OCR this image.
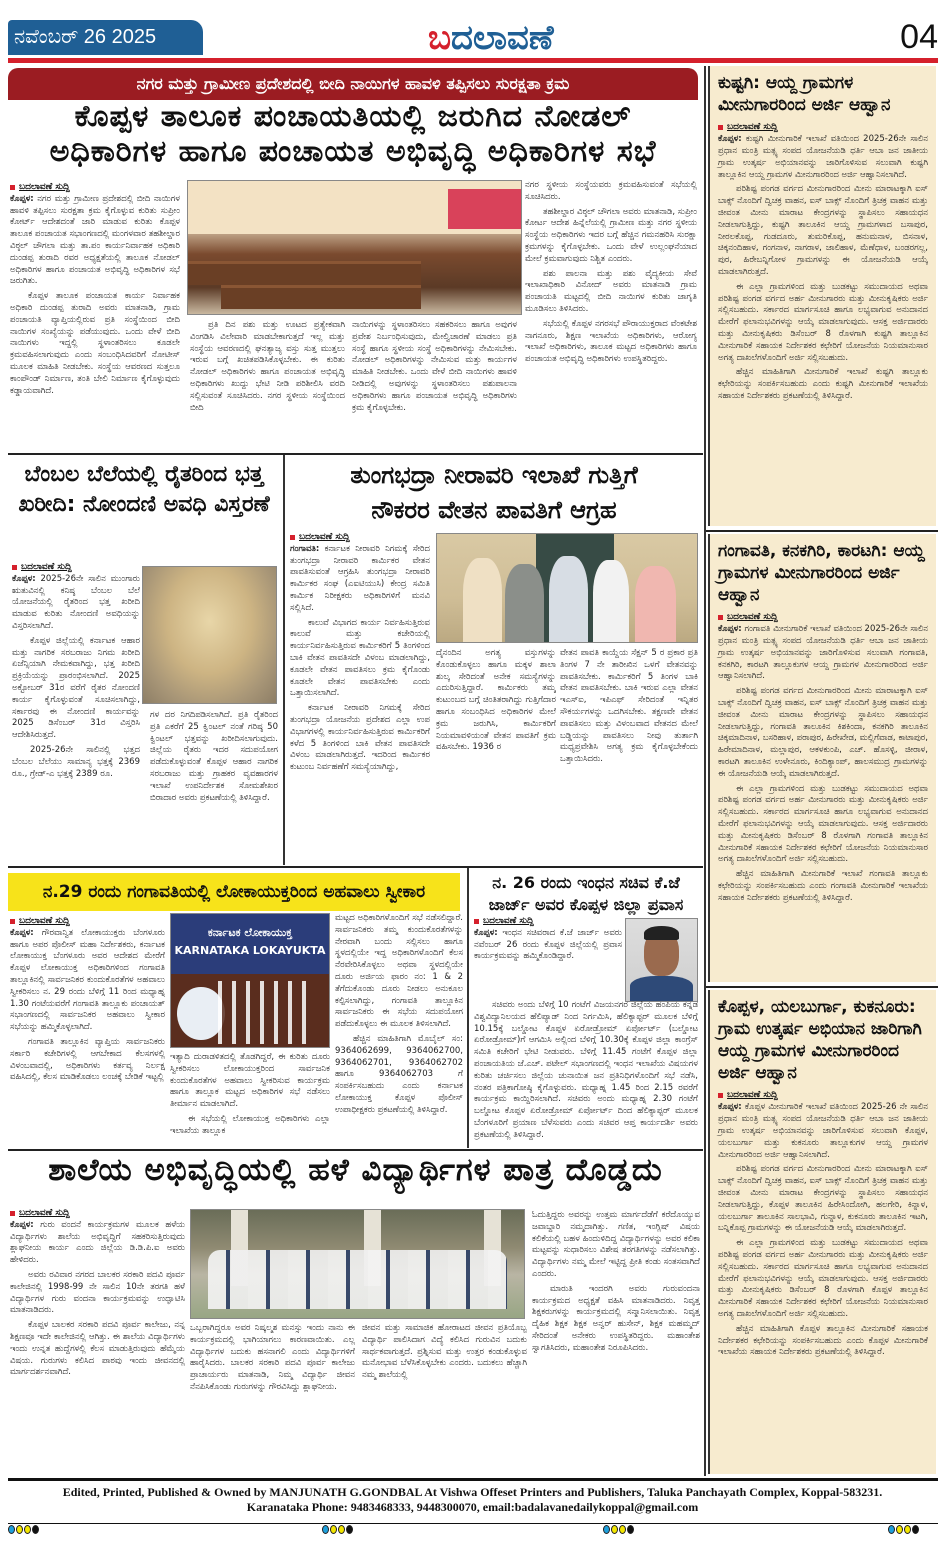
ನವೆಂಬರ್ 26 2025	ಬದಲಾವಣೆ	04
ನಗರ ಮತ್ತು ಗ್ರಾಮೀಣ ಪ್ರದೇಶದಲ್ಲಿ ಬೀದಿ ನಾಯಿಗಳ ಹಾವಳಿ ತಪ್ಪಿಸಲು ಸುರಕ್ಷತಾ ಕ್ರಮ
ಕೊಪ್ಪಳ ತಾಲೂಕ ಪಂಚಾಯತಿಯಲ್ಲಿ ಜರುಗಿದ ನೋಡಲ್
ಅಧಿಕಾರಿಗಳ ಹಾಗೂ ಪಂಚಾಯತ ಅಭಿವೃದ್ಧಿ ಅಧಿಕಾರಿಗಳ ಸಭೆ
ಬದಲಾವಣೆ ಸುದ್ದಿ

ಕೊಪ್ಪಳ: ನಗರ ಮತ್ತು ಗ್ರಾಮೀಣ ಪ್ರದೇಶದಲ್ಲಿ ಬೀದಿ ನಾಯಿಗಳ ಹಾವಳಿ ತಪ್ಪಿಸಲು ಸುರಕ್ಷತಾ ಕ್ರಮ ಕೈಗೊಳ್ಳುವ ಕುರಿತು ಸುಪ್ರೀಂ ಕೋರ್ಟ್ ಆದೇಶದಂತೆ ಜಾರಿ ಮಾಡುವ ಕುರಿತು ಕೊಪ್ಪಳ ತಾಲೂಕ ಪಂಚಾಯತ ಸಭಾಂಗಣದಲ್ಲಿ ಮಂಗಳವಾರ ತಹಶೀಲ್ದಾರ ವಿಠ್ಠಲ್ ಚೌಗಲಾ ಮತ್ತು ತಾ.ಪಂ ಕಾರ್ಯನಿರ್ವಾಹಕ ಅಧಿಕಾರಿ ದುಂಡಪ್ಪ ತುರಾದಿ ರವರ ಅಧ್ಯಕ್ಷತೆಯಲ್ಲಿ ತಾಲೂಕ ನೋಡಲ್ ಅಧಿಕಾರಿಗಳ ಹಾಗೂ ಪಂಚಾಯತ ಅಭಿವೃದ್ಧಿ ಅಧಿಕಾರಿಗಳ ಸಭೆ ಜರುಗಿತು.

ಕೊಪ್ಪಳ ತಾಲೂಕ ಪಂಚಾಯತ ಕಾರ್ಯ ನಿರ್ವಾಹಕ ಅಧಿಕಾರಿ ದುಂಡಪ್ಪ ತುರಾದಿ ಅವರು ಮಾತನಾಡಿ, ಗ್ರಾಮ ಪಂಚಾಯತಿ ವ್ಯಾಪ್ತಿಯಲ್ಲಿರುವ ಪ್ರತಿ ಸಂಸ್ಥೆಯಿಂದ ಬೀದಿ ನಾಯಿಗಳ ಸಂಖ್ಯೆಯನ್ನು ಪಡೆಯುವುದು. ಒಂದು ವೇಳೆ ಬೀದಿ ನಾಯಿಗಳು ಇದ್ದಲ್ಲಿ ಸ್ಥಳಾಂತರಿಸಲು ಕೂಡಲೇ ಕ್ರಮವಹಿಸಲಾಗುವುದು ಎಂದು ಸಂಬಂಧಿಸಿದವರಿಗೆ ನೋಟೀಸ್ ಮೂಲಕ ಮಾಹಿತಿ ನೀಡಬೇಕು. ಸಂಸ್ಥೆಯ ಆವರಣದ ಸುತ್ತಲೂ ಕಾಂಪೌಂಡ್ ನಿರ್ಮಾಣ, ತಂತಿ ಬೇಲಿ ನಿರ್ಮಾಣ ಕೈಗೊಳ್ಳುವುದು ಕಡ್ಡಾಯವಾಗಿದೆ.

ಪ್ರತಿ ದಿನ ಪಶು ಮತ್ತು ಊಟದ ಪ್ರತ್ಯೇಕವಾಗಿ ವಿಂಗಡಿಸಿ ವಿಲೇವಾರಿ ಮಾಡಬೇಕಾಗುತ್ತದೆ ಇಲ್ಲ ಮತ್ತು ಸಂಸ್ಥೆಯ ಆವರಣದಲ್ಲಿ ಘನತ್ಯಾಜ್ಯ ವಸ್ತು ಸುತ್ತ ಮುತ್ತಲು ಇರುವ ಬಗ್ಗೆ ಖಚಿತಪಡಿಸಿಕೊಳ್ಳಬೇಕು. ಈ ಕುರಿತು ನೋಡಲ್ ಅಧಿಕಾರಿಗಳು ಹಾಗೂ ಪಂಚಾಯತ ಅಭಿವೃದ್ಧಿ ಅಧಿಕಾರಿಗಳು ಖುದ್ದು ಭೇಟಿ ನೀಡಿ ಪರಿಶೀಲಿಸಿ ವರದಿ ಸಲ್ಲಿಸುವಂತೆ ಸೂಚಿಸಿದರು. ನಗರ ಸ್ಥಳೀಯ ಸಂಸ್ಥೆಯಿಂದ ಬೀದಿ

ನಾಯಿಗಳನ್ನು ಸ್ಥಳಾಂತರಿಸಲು ಸಹಕರಿಸಲು ಹಾಗೂ ಅವುಗಳ ಪ್ರವೇಶ ನಿರ್ಬಂಧಿಸುವುದು, ಮೇಲ್ವಿಚಾರಣೆ ಮಾಡಲು ಪ್ರತಿ ಸಂಸ್ಥೆ ಹಾಗೂ ಸ್ಥಳೀಯ ಸಂಸ್ಥೆ ಅಧಿಕಾರಿಗಳನ್ನು ನೇಮಿಸಬೇಕು. ನೋಡಲ್ ಅಧಿಕಾರಿಗಳನ್ನು ನೇಮಿಸುವ ಮತ್ತು ಕಾರ್ಯಗಳ ಮಾಹಿತಿ ನೀಡಬೇಕು. ಒಂದು ವೇಳೆ ಬೀದಿ ನಾಯಿಗಳು ಹಾವಳಿ ನೀಡಿದಲ್ಲಿ ಅವುಗಳನ್ನು ಸ್ಥಳಾಂತರಿಸಲು ಪಶುಪಾಲನಾ ಅಧಿಕಾರಿಗಳು ಹಾಗೂ ಪಂಚಾಯತ ಅಭಿವೃದ್ಧಿ ಅಧಿಕಾರಿಗಳು ಕ್ರಮ ಕೈಗೊಳ್ಳಬೇಕು.

ನಗರ ಸ್ಥಳೀಯ ಸಂಸ್ಥೆಯವರು ಕ್ರಮವಹಿಸುವಂತೆ ಸಭೆಯಲ್ಲಿ ಸೂಚಿಸಿದರು.

ತಹಶೀಲ್ದಾರ ವಿಠ್ಠಲ್ ಚೌಗಲಾ ಅವರು ಮಾತನಾಡಿ, ಸುಪ್ರೀಂ ಕೋರ್ಟ ಆದೇಶ ಹಿನ್ನೆಲೆಯಲ್ಲಿ ಗ್ರಾಮೀಣ ಮತ್ತು ನಗರ ಸ್ಥಳೀಯ ಸಂಸ್ಥೆಯ ಅಧಿಕಾರಿಗಳು ಇದರ ಬಗ್ಗೆ ಹೆಚ್ಚಿನ ಗಮನಹರಿಸಿ ಸುರಕ್ಷಾ ಕ್ರಮಗಳನ್ನು ಕೈಗೊಳ್ಳಬೇಕು. ಒಂದು ವೇಳೆ ಉಲ್ಲಂಘನೆಯಾದ ಮೇಲೆ ಕ್ರಮವಾಗುವುದು ನಿಶ್ಚಿತ ಎಂದರು.

ಪಶು ಪಾಲನಾ ಮತ್ತು ಪಶು ವೈದ್ಯಕೀಯ ಸೇವೆ ಇಲಾಖಾಧಿಕಾರಿ ವಿನೋದ್ ಅವರು ಮಾತನಾಡಿ ಗ್ರಾಮ ಪಂಚಾಯತಿ ಮಟ್ಟದಲ್ಲಿ ಬೀದಿ ನಾಯಿಗಳ ಕುರಿತು ಜಾಗೃತಿ ಮೂಡಿಸಲು ತಿಳಿಸಿದರು.

ಸಭೆಯಲ್ಲಿ ಕೊಪ್ಪಳ ನಗರಸಭೆ ಪೌರಾಯುಕ್ತರಾದ ವೆಂಕಟೇಶ ನಾಗನೂರು, ಶಿಕ್ಷಣ ಇಲಾಖೆಯ ಅಧಿಕಾರಿಗಳು, ಆರೋಗ್ಯ ಇಲಾಖೆ ಅಧಿಕಾರಿಗಳು, ತಾಲೂಕ ಮಟ್ಟದ ಅಧಿಕಾರಿಗಳು ಹಾಗೂ ಪಂಚಾಯತ ಅಭಿವೃದ್ಧಿ ಅಧಿಕಾರಿಗಳು ಉಪಸ್ಥಿತರಿದ್ದರು.

ಬೆಂಬಲ ಬೆಲೆಯಲ್ಲಿ ರೈತರಿಂದ ಭತ್ತ ಖರೀದಿ: ನೋಂದಣಿ ಅವಧಿ ವಿಸ್ತರಣೆ
ಬದಲಾವಣೆ ಸುದ್ದಿ

ಕೊಪ್ಪಳ: 2025-26ನೇ ಸಾಲಿನ ಮುಂಗಾರು ಋತುವಿನಲ್ಲಿ ಕನಿಷ್ಠ ಬೆಂಬಲ ಬೆಲೆ ಯೋಜನೆಯಲ್ಲಿ ರೈತರಿಂದ ಭತ್ತ ಖರೀದಿ ಮಾಡುವ ಕುರಿತು ನೋಂದಣಿ ಅವಧಿಯನ್ನು ವಿಸ್ತರಿಸಲಾಗಿದೆ.

ಕೊಪ್ಪಳ ಜಿಲ್ಲೆಯಲ್ಲಿ ಕರ್ನಾಟಕ ಆಹಾರ ಮತ್ತು ನಾಗರಿಕ ಸರಬರಾಜು ನಿಗಮ ಖರೀದಿ ಏಜೆನ್ಸಿಯಾಗಿ ನೇಮಕವಾಗಿದ್ದು, ಭತ್ತ ಖರೀದಿ ಪ್ರಕ್ರಿಯೆಯನ್ನು ಪ್ರಾರಂಭಿಸಲಾಗಿದೆ. 2025 ಅಕ್ಟೋಬರ್ 31ರ ವರೆಗೆ ರೈತರ ನೋಂದಣಿ ಕಾರ್ಯ ಕೈಗೊಳ್ಳುವಂತೆ ಸೂಚಿಸಲಾಗಿದ್ದು, ಸರ್ಕಾರವು ಈ ನೋಂದಣಿ ಕಾರ್ಯವನ್ನು 2025 ಡಿಸೆಂಬರ್ 31ರ ವಿಸ್ತರಿಸಿ ಆದೇಶಿಸಿರುತ್ತದೆ.

2025-26ನೇ ಸಾಲಿನಲ್ಲಿ ಭತ್ತದ ಬೆಂಬಲ ಬೆಲೆಯು ಸಾಮಾನ್ಯ ಭತ್ತಕ್ಕೆ 2369 ರೂ., ಗ್ರೇಡ್-ಎ ಭತ್ತಕ್ಕೆ 2389 ರೂ.

ಗಳ ದರ ನಿಗದಿಪಡಿಸಲಾಗಿದೆ. ಪ್ರತಿ ರೈತರಿಂದ ಪ್ರತಿ ಎಕರೆಗೆ 25 ಕ್ವಿಂಟಲ್ ನಂತೆ ಗರಿಷ್ಠ 50 ಕ್ವಿಂಟಲ್ ಭತ್ತವನ್ನು ಖರೀದಿಸಲಾಗುವುದು. ಜಿಲ್ಲೆಯ ರೈತರು ಇದರ ಸದುಪಯೋಗ ಪಡೆದುಕೊಳ್ಳುವಂತೆ ಕೊಪ್ಪಳ ಆಹಾರ ನಾಗರಿಕ ಸರಬರಾಜು ಮತ್ತು ಗ್ರಾಹಕರ ವ್ಯವಹಾರಗಳ ಇಲಾಖೆ ಉಪನಿರ್ದೇಶಕ ಸೋಮಶೇಖರ ಬಿರಾದಾರ ಅವರು ಪ್ರಕಟಣೆಯಲ್ಲಿ ತಿಳಿಸಿದ್ದಾರೆ.

ತುಂಗಭದ್ರಾ ನೀರಾವರಿ ಇಲಾಖೆ ಗುತ್ತಿಗೆ
ನೌಕರರ ವೇತನ ಪಾವತಿಗೆ ಆಗ್ರಹ
ಬದಲಾವಣೆ ಸುದ್ದಿ

ಗಂಗಾವತಿ: ಕರ್ನಾಟಕ ನೀರಾವರಿ ನಿಗಮಕ್ಕೆ ಸೇರಿದ ತುಂಗಭದ್ರಾ ನೀರಾವರಿ ಕಾರ್ಮಿಕರ ವೇತನ ಪಾವತಿಸುವಂತೆ ಆಗ್ರಹಿಸಿ ತುಂಗಭದ್ರಾ ನೀರಾವರಿ ಕಾರ್ಮಿಕರ ಸಂಘ (ಎಐಟಿಯುಸಿ) ಕೇಂದ್ರ ಸಮಿತಿ ಕಾರ್ಮಿಕ ನಿರೀಕ್ಷಕರು ಅಧಿಕಾರಿಗಳಿಗೆ ಮನವಿ ಸಲ್ಲಿಸಿದೆ.

ಕಾಲುವೆ ವಿಭಾಗದ ಕಾರ್ಯ ನಿರ್ವಹಿಸುತ್ತಿರುವ ಕಾಲುವೆ ಮತ್ತು ಕಚೇರಿಯಲ್ಲಿ ಕಾರ್ಯನಿರ್ವಹಿಸುತ್ತಿರುವ ಕಾರ್ಮಿಕರಿಗೆ 5 ತಿಂಗಳಿಂದ ಬಾಕಿ ವೇತನ ಪಾವತಿಸದೇ ವಿಳಂಬ ಮಾಡಲಾಗಿದ್ದು, ಕೂಡಲೇ ವೇತನ ಪಾವತಿಸಲು ಕ್ರಮ ಕೈಗೊಂಡು ಕೂಡಲೇ ವೇತನ ಪಾವತಿಸಬೇಕು ಎಂದು ಒತ್ತಾಯಿಸಲಾಗಿದೆ.

ಕರ್ನಾಟಕ ನೀರಾವರಿ ನಿಗಮಕ್ಕೆ ಸೇರಿದ ತುಂಗಭದ್ರಾ ಯೋಜನೆಯ ಪ್ರದೇಶದ ಎಲ್ಲಾ ಉಪ ವಿಭಾಗಗಳಲ್ಲಿ ಕಾರ್ಯನಿರ್ವಹಿಸುತ್ತಿರುವ ಕಾರ್ಮಿಕರಿಗೆ ಕಳೆದ 5 ತಿಂಗಳಿಂದ ಬಾಕಿ ವೇತನ ಪಾವತಿಸದೇ ವಿಳಂಬ ಮಾಡಲಾಗಿರುತ್ತದೆ. ಇದರಿಂದ ಕಾರ್ಮಿಕರ ಕುಟುಂಬ ನಿರ್ವಹಣೆಗೆ ಸಮಸ್ಯೆಯಾಗಿದ್ದು,

ದೈನಂದಿನ ಅಗತ್ಯ ವಸ್ತುಗಳನ್ನು ಕೊಂಡುಕೊಳ್ಳಲು ಹಾಗೂ ಮಕ್ಕಳ ಶಾಲಾ ಶುಲ್ಕ ಸೇರಿದಂತೆ ಅನೇಕ ಸಮಸ್ಯೆಗಳನ್ನು ಎದುರಿಸುತ್ತಿದ್ದಾರೆ. ಕಾರ್ಮಿಕರು ತಮ್ಮ ಕುಟುಂಬದ ಬಗ್ಗೆ ಚಿಂತಿತರಾಗಿದ್ದು ಗುತ್ತಿಗೆದಾರ ಹಾಗೂ ಸಂಬಂಧಿಸಿದ ಅಧಿಕಾರಿಗಳ ಮೇಲೆ ಕ್ರಮ ಜರುಗಿಸಿ, ಕಾರ್ಮಿಕರಿಗೆ ನಿಯಮಾವಳಿಯಂತೆ ವೇತನ ಪಾವತಿಗೆ ಕ್ರಮ ವಹಿಸಬೇಕು. 1936 ರ

ವೇತನ ಪಾವತಿ ಕಾಯ್ದೆಯ ಸೆಕ್ಷನ್ 5 ರ ಪ್ರಕಾರ ಪ್ರತಿ ತಿಂಗಳ 7 ನೇ ತಾರೀಖಿನ ಒಳಗೆ ವೇತನವನ್ನು ಪಾವತಿಸಬೇಕು. ಕಾರ್ಮಿಕರಿಗೆ 5 ತಿಂಗಳ ಬಾಕಿ ವೇತನ ಪಾವತಿಸಬೇಕು. ಬಾಕಿ ಇರುವ ಎಲ್ಲಾ ವೇತನ ಇಎಸ್ಐ, ಇಪಿಎಫ್ ಸೇರಿದಂತೆ ಇನ್ನಿತರ ಸೌಕರ್ಯಗಳನ್ನು ಒದಗಿಸಬೇಕು. ತಕ್ಷಣವೇ ವೇತನ ಪಾವತಿಸಲು ಮತ್ತು ವಿಳಂಬವಾದ ವೇತನದ ಮೇಲೆ ಬಡ್ಡಿಯನ್ನು ಪಾವತಿಸಲು ನೀವು ತುರ್ತಾಗಿ ಮಧ್ಯಪ್ರವೇಶಿಸಿ ಅಗತ್ಯ ಕ್ರಮ ಕೈಗೊಳ್ಳಬೇಕೆಂದು ಒತ್ತಾಯಿಸಿದರು.

ನ.29 ರಂದು ಗಂಗಾವತಿಯಲ್ಲಿ ಲೋಕಾಯುಕ್ತರಿಂದ ಅಹವಾಲು ಸ್ವೀಕಾರ
ಬದಲಾವಣೆ ಸುದ್ದಿ

ಕೊಪ್ಪಳ: ಗೌರವಾನ್ವಿತ ಲೋಕಾಯುಕ್ತರು ಬೆಂಗಳೂರು ಹಾಗೂ ಅಪರ ಪೊಲೀಸ್ ಮಹಾ ನಿರ್ದೇಶಕರು, ಕರ್ನಾಟಕ ಲೋಕಾಯುಕ್ತ ಬೆಂಗಳೂರು ಅವರ ಆದೇಶದ ಮೇರೆಗೆ ಕೊಪ್ಪಳ ಲೋಕಾಯುಕ್ತ ಅಧಿಕಾರಿಗಳಿಂದ ಗಂಗಾವತಿ ತಾಲ್ಲೂಕಿನಲ್ಲಿ ಸಾರ್ವಜನಿಕರ ಕುಂದುಕೊರತೆಗಳ ಅಹವಾಲು ಸ್ವೀಕರಿಸಲು ನ. 29 ರಂದು ಬೆಳಿಗ್ಗೆ 11 ರಿಂದ ಮಧ್ಯಾಹ್ನ 1.30 ಗಂಟೆಯವರೆಗೆ ಗಂಗಾವತಿ ತಾಲ್ಲೂಕು ಪಂಚಾಯತ್ ಸಭಾಂಗಣದಲ್ಲಿ ಸಾರ್ವಜನಿಕರ ಅಹವಾಲು ಸ್ವೀಕಾರ ಸಭೆಯನ್ನು ಹಮ್ಮಿಕೊಳ್ಳಲಾಗಿದೆ.

ಗಂಗಾವತಿ ತಾಲ್ಲೂಕಿನ ವ್ಯಾಪ್ತಿಯ ಸಾರ್ವಜನಿಕರು ಸರ್ಕಾರಿ ಕಚೇರಿಗಳಲ್ಲಿ ಆಗಬೇಕಾದ ಕೆಲಸಗಳಲ್ಲಿ ವಿಳಂಬವಾದಲ್ಲಿ, ಅಧಿಕಾರಿಗಳು ಕರ್ತವ್ಯ ನಿರ್ಲಕ್ಷ ವಹಿಸಿದಲ್ಲಿ, ಕೆಲಸ ಮಾಡಿಕೊಡಲು ಲಂಚಕ್ಕೆ ಬೇಡಿಕೆ ಇಟ್ಟಲ್ಲಿ

ಕರ್ನಾಟಕ ಲೋಕಾಯುಕ್ತ
KARNATAKA LOKAYUKTA

ಇತ್ಯಾದಿ ದುರಾಡಳಿತದಲ್ಲಿ ತೊಡಗಿದ್ದರೆ, ಈ ಕುರಿತು ದೂರು ಸ್ವೀಕರಿಸಲು ಲೋಕಾಯುಕ್ತರಿಂದ ಸಾರ್ವಜನಿಕ ಕುಂದುಕೊರತೆಗಳ ಅಹವಾಲು ಸ್ವೀಕರಿಸುವ ಕಾರ್ಯಕ್ರಮ ಹಾಗೂ ತಾಲ್ಲೂಕ ಮಟ್ಟದ ಅಧಿಕಾರಿಗಳ ಸಭೆ ನಡೆಸಲು ತೀರ್ಮಾನ ಮಾಡಲಾಗಿದೆ.

ಈ ಸಭೆಯಲ್ಲಿ ಲೋಕಾಯುಕ್ತ ಅಧಿಕಾರಿಗಳು ಎಲ್ಲಾ ಇಲಾಖೆಯ ತಾಲ್ಲೂಕ

ಮಟ್ಟದ ಅಧಿಕಾರಿಗಳೊಂದಿಗೆ ಸಭೆ ನಡೆಸಲಿದ್ದಾರೆ. ಸಾರ್ವಜನಿಕರು ತಮ್ಮ ಕುಂದುಕೊರತೆಗಳನ್ನು ನೇರವಾಗಿ ಬಂದು ಸಲ್ಲಿಸಲು ಹಾಗೂ ಸ್ಥಳದಲ್ಲಿಯೇ ಇದ್ದ ಅಧಿಕಾರಿಗಳೊಂದಿಗೆ ಕೆಲಸ ನೆರವೇರಿಸಿಕೊಳ್ಳಲು ಅಥವಾ ಸ್ಥಳದಲ್ಲಿಯೇ ದೂರು ಅರ್ಜಿಯ ಫಾರಂ ನಂ: 1 & 2 ತೆಗೆದುಕೊಂಡು ದೂರು ನೀಡಲು ಅನುಕೂಲ ಕಲ್ಪಿಸಲಾಗಿದ್ದು, ಗಂಗಾವತಿ ತಾಲ್ಲೂಕಿನ ಸಾರ್ವಜನಿಕರು ಈ ಸಭೆಯ ಸದುಪಯೋಗ ಪಡೆದುಕೊಳ್ಳಲು ಈ ಮೂಲಕ ತಿಳಿಸಲಾಗಿದೆ.

ಹೆಚ್ಚಿನ ಮಾಹಿತಿಗಾಗಿ ಮೊಬೈಲ್ ಸಂ: 9364062699, 9364062700, 9364062701, 9364062702 ಹಾಗೂ 9364062703 ಗೆ ಸಂಪರ್ಕಿಸಬಹುದು ಎಂದು ಕರ್ನಾಟಕ ಲೋಕಾಯುಕ್ತ ಕೊಪ್ಪಳ ಪೊಲೀಸ್ ಉಪಾಧೀಕ್ಷಕರು ಪ್ರಕಟಣೆಯಲ್ಲಿ ತಿಳಿಸಿದ್ದಾರೆ.

ನ. 26 ರಂದು ಇಂಧನ ಸಚಿವ ಕೆ.ಜೆ ಜಾರ್ಜ್ ಅವರ ಕೊಪ್ಪಳ ಜಿಲ್ಲಾ ಪ್ರವಾಸ
ಬದಲಾವಣೆ ಸುದ್ದಿ

ಕೊಪ್ಪಳ: ಇಂಧನ ಸಚಿವರಾದ ಕೆ.ಜೆ ಜಾರ್ಜ್ ಅವರು ನವೆಂಬರ್ 26 ರಂದು ಕೊಪ್ಪಳ ಜಿಲ್ಲೆಯಲ್ಲಿ ಪ್ರವಾಸ ಕಾರ್ಯಕ್ರಮವನ್ನು ಹಮ್ಮಿಕೊಂಡಿದ್ದಾರೆ.

ಸಚಿವರು ಅಂದು ಬೆಳಿಗ್ಗೆ 10 ಗಂಟೆಗೆ ವಿಜಯನಗರ ಜಿಲ್ಲೆಯ ಹಂಪಿಯ ಕನ್ನಡ ವಿಶ್ವವಿದ್ಯಾನಿಲಯದ ಹೆಲಿಪ್ಯಾಡ್ ನಿಂದ ನಿರ್ಗಮಿಸಿ, ಹೆಲಿಕ್ಯಾಪ್ಟರ್ ಮೂಲಕ ಬೆಳಿಗ್ಗೆ 10.15ಕ್ಕೆ ಬಲ್ಡೋಟ ಕೊಪ್ಪಳ ಏರೋಡ್ರೋಮ್ ಏರ್ಪೋರ್ಟ್ (ಬಲ್ಡೋಟ ಏರೋಡ್ರೋಮ್)ಗೆ ಆಗಮಿಸಿ ಅಲ್ಲಿಂದ ಬೆಳಿಗ್ಗೆ 10.30ಕ್ಕೆ ಕೊಪ್ಪಳ ಜಿಲ್ಲಾ ಕಾಂಗ್ರೆಸ್ ಸಮಿತಿ ಕಚೇರಿಗೆ ಭೇಟಿ ನೀಡುವರು. ಬೆಳಿಗ್ಗೆ 11.45 ಗಂಟೆಗೆ ಕೊಪ್ಪಳ ಜಿಲ್ಲಾ ಪಂಚಾಯತಿಯ ಜೆ.ಎಚ್. ಪಟೇಲ್ ಸಭಾಂಗಣದಲ್ಲಿ ಇಂಧನ ಇಲಾಖೆಯ ವಿಷಯಗಳ ಕುರಿತು ಚರ್ಚಿಸಲು ಜಿಲ್ಲೆಯ ಚುನಾಯಿತ ಜನ ಪ್ರತಿನಿಧಿಗಳೊಂದಿಗೆ ಸಭೆ ನಡೆಸಿ, ನಂತರ ಪತ್ರಿಕಾಗೋಷ್ಠಿ ಕೈಗೊಳ್ಳುವರು. ಮಧ್ಯಾಹ್ನ 1.45 ರಿಂದ 2.15 ರವರೆಗೆ ಕಾರ್ಯಕ್ರಮ ಕಾಯ್ದಿರಿಸಲಾಗಿದೆ. ಸಚಿವರು ಅಂದು ಮಧ್ಯಾಹ್ನ 2.30 ಗಂಟೆಗೆ ಬಲ್ಡೋಟ ಕೊಪ್ಪಳ ಏರೋಡ್ರೋಮ್ ಏರ್ಪೋರ್ಟ್ ದಿಂದ ಹೆಲಿಕ್ಯಾಪ್ಟರ್ ಮೂಲಕ ಬೆಂಗಳೂರಿಗೆ ಪ್ರಯಾಣ ಬೆಳೆಸುವರು ಎಂದು ಸಚಿವರ ಆಪ್ತ ಕಾರ್ಯದರ್ಶಿ ಅವರು ಪ್ರಕಟಣೆಯಲ್ಲಿ ತಿಳಿಸಿದ್ದಾರೆ.

ಶಾಲೆಯ ಅಭಿವೃದ್ಧಿಯಲ್ಲಿ ಹಳೆ ವಿದ್ಯಾರ್ಥಿಗಳ ಪಾತ್ರ ದೊಡ್ಡದು
ಬದಲಾವಣೆ ಸುದ್ದಿ

ಕೊಪ್ಪಳ: ಗುರು ವಂದನೆ ಕಾರ್ಯಕ್ರಮಗಳ ಮೂಲಕ ಹಳೆಯ ವಿದ್ಯಾರ್ಥಿಗಳು ಶಾಲೆಯ ಅಭಿವೃದ್ಧಿಗೆ ಸಹಕರಿಸುತ್ತಿರುವುದು ಶ್ಲಾಘನೀಯ ಕಾರ್ಯ ಎಂದು ಜಿಲ್ಲೆಯ ಡಿ.ಡಿ.ಪಿ.ಐ ಅವರು ಹೇಳಿದರು.

ಅವರು ರವಿವಾರ ನಗರದ ಬಾಲಕರ ಸರಕಾರಿ ಪದವಿ ಪೂರ್ವ ಕಾಲೇಜಿನಲ್ಲಿ 1998-99 ನೇ ಸಾಲಿನ 10ನೇ ತರಗತಿ ಹಳೆ ವಿದ್ಯಾರ್ಥಿಗಳ ಗುರು ವಂದನಾ ಕಾರ್ಯಕ್ರಮವನ್ನು ಉದ್ಘಾಟಿಸಿ ಮಾತನಾಡಿದರು.

ಕೊಪ್ಪಳ ಬಾಲಕರ ಸರಕಾರಿ ಪದವಿ ಪೂರ್ವ ಕಾಲೇಜು, ನನ್ನ ಶಿಕ್ಷಣವೂ ಇದೇ ಕಾಲೇಜಿನಲ್ಲಿ ಆಗಿತ್ತು. ಈ ಶಾಲೆಯ ವಿದ್ಯಾರ್ಥಿಗಳು ಇಂದು ಉನ್ನತ ಹುದ್ದೆಗಳಲ್ಲಿ ಕೆಲಸ ಮಾಡುತ್ತಿರುವುದು ಹೆಮ್ಮೆಯ ವಿಷಯ. ಗುರುಗಳು ಕಲಿಸಿದ ಪಾಠವು ಇಂದು ಜೀವನದಲ್ಲಿ ಮಾರ್ಗದರ್ಶನವಾಗಿದೆ.

ಒಬ್ಬರಾಗಿದ್ದರೂ ಅವರ ನಿಷ್ಕಲ್ಮಶ ಮನಸ್ಸು ಇಂದು ನಾನು ಈ ಕಾರ್ಯಕ್ರಮದಲ್ಲಿ ಭಾಗಿಯಾಗಲು ಕಾರಣವಾಯಿತು. ಎಲ್ಲ ವಿದ್ಯಾರ್ಥಿಗಳ ಬದುಕು ಹಸನಾಗಲಿ ಎಂದು ವಿದ್ಯಾರ್ಥಿಗಳಿಗೆ ಹಾರೈಸಿದರು. ಬಾಲಕರ ಸರಕಾರಿ ಪದವಿ ಪೂರ್ವ ಕಾಲೇಜು ಪ್ರಾಚಾರ್ಯರು ಮಾತನಾಡಿ, ನಿಮ್ಮ ವಿದ್ಯಾರ್ಥಿ ಜೀವನ ನೆನಪಿಸಿಕೊಂಡು ಗುರುಗಳನ್ನು ಗೌರವಿಸಿದ್ದು ಶ್ಲಾಘನೀಯ.

ಜೀವನ ಮತ್ತು ಸಾಮಾಜಿಕ ಹೋರಾಟದ ಜೀವನ ಪ್ರತಿಯೊಬ್ಬ ವಿದ್ಯಾರ್ಥಿ ಪಾಲಿಸಿದಾಗ ವಿದ್ಯೆ ಕಲಿಸಿದ ಗುರುವಿನ ಬದುಕು ಸಾರ್ಥಕವಾಗುತ್ತದೆ. ಪ್ರಶ್ನಿಸುವ ಮತ್ತು ಉತ್ತರ ಕಂಡುಕೊಳ್ಳುವ ಮನೋಭಾವ ಬೆಳೆಸಿಕೊಳ್ಳಬೇಕು ಎಂದರು. ಬದುಕಲು ಹೆಚ್ಚಾಗಿ ನಮ್ಮ ಶಾಲೆಯಲ್ಲಿ

ಓದುತ್ತಿದ್ದರು ಅವರನ್ನು ಉತ್ತಮ ಮಾರ್ಗದೆಡೆಗೆ ಕರೆದೊಯ್ಯುವ ಜವಾಬ್ದಾರಿ ನಮ್ಮದಾಗಿತ್ತು. ಗಣಿತ, ಇಂಗ್ಲಿಷ್ ವಿಷಯ ಕಲಿಕೆಯಲ್ಲಿ ಬಹಳ ಹಿಂದುಳಿದಿದ್ದ ವಿದ್ಯಾರ್ಥಿಗಳನ್ನು ಅವರ ಕಲಿಕಾ ಮಟ್ಟವನ್ನು ಸುಧಾರಿಸಲು ವಿಶೇಷ ತರಗತಿಗಳನ್ನು ನಡೆಸಲಾಗಿತ್ತು. ವಿದ್ಯಾರ್ಥಿಗಳು ನಮ್ಮ ಮೇಲೆ ಇಟ್ಟಿದ್ದ ಪ್ರೀತಿ ಕಂಡು ಸಂತಸವಾಗಿದೆ ಎಂದರು.

ಮಾರುತಿ ಇಂದರಗಿ ಅವರು ಗುರುವಂದನಾ ಕಾರ್ಯಕ್ರಮದ ಅಧ್ಯಕ್ಷತೆ ವಹಿಸಿ ಮಾತನಾಡಿದರು. ನಿವೃತ್ತ ಶಿಕ್ಷಕರುಗಳನ್ನು ಕಾರ್ಯಕ್ರಮದಲ್ಲಿ ಸನ್ಮಾನಿಸಲಾಯಿತು. ನಿವೃತ್ತ ದೈಹಿಕ ಶಿಕ್ಷಕ ಶಿಕ್ಷಕ ಅನ್ವರ್ ಹುಸೇನ್, ಶಿಕ್ಷಕ ಮಹಮ್ಮದ್ ಸೇರಿದಂತೆ ಅನೇಕರು ಉಪಸ್ಥಿತರಿದ್ದರು. ಮಹಾಂತೇಶ ಸ್ವಾಗತಿಸಿದರು, ಮಹಾಂತೇಶ ನಿರೂಪಿಸಿದರು.

ಕುಷ್ಟಗಿ: ಆಯ್ದ ಗ್ರಾಮಗಳ ಮೀನುಗಾರರಿಂದ ಅರ್ಜಿ ಆಹ್ವಾನ
ಬದಲಾವಣೆ ಸುದ್ದಿ

ಕೊಪ್ಪಳ: ಕುಷ್ಟಗಿ ಮೀನುಗಾರಿಕೆ ಇಲಾಖೆ ವತಿಯಿಂದ 2025-26ನೇ ಸಾಲಿನ ಪ್ರಧಾನ ಮಂತ್ರಿ ಮತ್ಸ್ಯ ಸಂಪದ ಯೋಜನೆಯಡಿ ಧರ್ತಿ ಆಬಾ ಜನ ಜಾತೀಯ ಗ್ರಾಮ ಉತ್ಕರ್ಷ ಅಭಿಯಾನವನ್ನು ಜಾರಿಗೊಳಿಸುವ ಸಲುವಾಗಿ ಕುಷ್ಟಗಿ ತಾಲ್ಲೂಕಿನ ಆಯ್ದ ಗ್ರಾಮಗಳ ಮೀನುಗಾರರಿಂದ ಅರ್ಜಿ ಆಹ್ವಾನಿಸಲಾಗಿದೆ.

ಪರಿಶಿಷ್ಟ ಪಂಗಡ ವರ್ಗದ ಮೀನುಗಾರರಿಂದ ಮೀನು ಮಾರಾಟಕ್ಕಾಗಿ ಐಸ್ ಬಾಕ್ಸ್ ನೊಂದಿಗೆ ದ್ವಿಚಕ್ರ ವಾಹನ, ಐಸ್ ಬಾಕ್ಸ್ ನೊಂದಿಗೆ ತ್ರಿಚಕ್ರ ವಾಹನ ಮತ್ತು ಜೀವಂತ ಮೀನು ಮಾರಾಟ ಕೇಂದ್ರಗಳನ್ನು ಸ್ಥಾಪಿಸಲು ಸಹಾಯಧನ ನೀಡಲಾಗುತ್ತಿದ್ದು, ಕುಷ್ಟಗಿ ತಾಲೂಕಿನ ಆಯ್ದ ಗ್ರಾಮಗಳಾದ ಬಸಾಪುರ, ನೀರಲಕೊಪ್ಪ, ಗುಡದೂರು, ತುಮರಿಕೊಪ್ಪ, ಹನುಮನಾಳ, ಬಿಸನಾಳ, ಚಿಕ್ಕನಂದಿಹಾಳ, ಗಂಗನಾಳ, ನಾಗರಾಳ, ಜಾಲಿಹಾಳ, ಮೆಣೆಧಾಳ, ಬಂಡರಗಲ್ಲ, ಪುರ, ಹಿರೇಬನ್ನಿಗೋಳ ಗ್ರಾಮಗಳನ್ನು ಈ ಯೋಜನೆಯಡಿ ಆಯ್ಕೆ ಮಾಡಲಾಗಿರುತ್ತದೆ.

ಈ ಎಲ್ಲಾ ಗ್ರಾಮಗಳಿಂದ ಮತ್ತು ಬುಡಕಟ್ಟು ಸಮುದಾಯದ ಅಥವಾ ಪರಿಶಿಷ್ಟ ಪಂಗಡ ವರ್ಗದ ಅರ್ಹ ಮೀನುಗಾರರು ಮತ್ತು ಮೀನುಕೃಷಿಕರು ಅರ್ಜಿ ಸಲ್ಲಿಸಬಹುದು. ಸರ್ಕಾರದ ಮಾರ್ಗಸೂಚಿ ಹಾಗೂ ಲಭ್ಯವಾಗುವ ಅನುದಾನದ ಮೇರೆಗೆ ಫಲಾನುಭವಿಗಳನ್ನು ಆಯ್ಕೆ ಮಾಡಲಾಗುವುದು. ಆಸಕ್ತ ಅರ್ಜಿದಾರರು ಮತ್ತು ಮೀನುಕೃಷಿಕರು ಡಿಸೆಂಬರ್ 8 ರೊಳಗಾಗಿ ಕುಷ್ಟಗಿ ತಾಲ್ಲೂಕಿನ ಮೀನುಗಾರಿಕೆ ಸಹಾಯಕ ನಿರ್ದೇಶಕರ ಕಛೇರಿಗೆ ಯೋಜನೆಯ ನಿಯಮಾನುಸಾರ ಅಗತ್ಯ ದಾಖಲೆಗಳೊಂದಿಗೆ ಅರ್ಜಿ ಸಲ್ಲಿಸಬಹುದು.

ಹೆಚ್ಚಿನ ಮಾಹಿತಿಗಾಗಿ ಮೀನುಗಾರಿಕೆ ಇಲಾಖೆ ಕುಷ್ಟಗಿ ತಾಲ್ಲೂಕು ಕಛೇರಿಯನ್ನು ಸಂಪರ್ಕಿಸಬಹುದು ಎಂದು ಕುಷ್ಟಗಿ ಮೀನುಗಾರಿಕೆ ಇಲಾಖೆಯ ಸಹಾಯಕ ನಿರ್ದೇಶಕರು ಪ್ರಕಟಣೆಯಲ್ಲಿ ತಿಳಿಸಿದ್ದಾರೆ.

ಗಂಗಾವತಿ, ಕನಕಗಿರಿ, ಕಾರಟಗಿ: ಆಯ್ದ ಗ್ರಾಮಗಳ ಮೀನುಗಾರರಿಂದ ಅರ್ಜಿ ಆಹ್ವಾನ
ಬದಲಾವಣೆ ಸುದ್ದಿ

ಕೊಪ್ಪಳ: ಗಂಗಾವತಿ ಮೀನುಗಾರಿಕೆ ಇಲಾಖೆ ವತಿಯಿಂದ 2025-26ನೇ ಸಾಲಿನ ಪ್ರಧಾನ ಮಂತ್ರಿ ಮತ್ಸ್ಯ ಸಂಪದ ಯೋಜನೆಯಡಿ ಧರ್ತಿ ಆಬಾ ಜನ ಜಾತೀಯ ಗ್ರಾಮ ಉತ್ಕರ್ಷ ಅಭಿಯಾನವನ್ನು ಜಾರಿಗೊಳಿಸುವ ಸಲುವಾಗಿ ಗಂಗಾವತಿ, ಕನಕಗಿರಿ, ಕಾರಟಗಿ ತಾಲ್ಲೂಕುಗಳ ಆಯ್ದ ಗ್ರಾಮಗಳ ಮೀನುಗಾರರಿಂದ ಅರ್ಜಿ ಆಹ್ವಾನಿಸಲಾಗಿದೆ.

ಪರಿಶಿಷ್ಟ ಪಂಗಡ ವರ್ಗದ ಮೀನುಗಾರರಿಂದ ಮೀನು ಮಾರಾಟಕ್ಕಾಗಿ ಐಸ್ ಬಾಕ್ಸ್ ನೊಂದಿಗೆ ದ್ವಿಚಕ್ರ ವಾಹನ, ಐಸ್ ಬಾಕ್ಸ್ ನೊಂದಿಗೆ ತ್ರಿಚಕ್ರ ವಾಹನ ಮತ್ತು ಜೀವಂತ ಮೀನು ಮಾರಾಟ ಕೇಂದ್ರಗಳನ್ನು ಸ್ಥಾಪಿಸಲು ಸಹಾಯಧನ ನೀಡಲಾಗುತ್ತಿದ್ದು, ಗಂಗಾವತಿ ತಾಲೂಕಿನ ಕಿಶಕಿಂದಾ, ಕನಕಗಿರಿ ತಾಲೂಕಿನ ಚಿಕ್ಕಮಾದಿನಾಳ, ಬಸರಿಹಾಳ, ಪರಾಪುರ, ಹಿರೇಖೇಡ, ಮಲ್ಲಿಗೆವಾಡ, ಕಾಟಾಪುರ, ಹಿರೇಮಾದಿನಾಳ, ಮಲ್ಲಾಪುರ, ಆಕಳಕುಂಪಿ, ಎಚ್. ಹೊಸಳ್ಳಿ, ಜೀರಾಳ, ಕಾರಟಗಿ ತಾಲೂಕಿನ ಉಳೇನೂರು, ಕಿಂದಿಕ್ಯಾಂಪ್, ಹಾಲಸಮುದ್ರ ಗ್ರಾಮಗಳನ್ನು ಈ ಯೋಜನೆಯಡಿ ಆಯ್ಕೆ ಮಾಡಲಾಗಿರುತ್ತದೆ.

ಈ ಎಲ್ಲಾ ಗ್ರಾಮಗಳಿಂದ ಮತ್ತು ಬುಡಕಟ್ಟು ಸಮುದಾಯದ ಅಥವಾ ಪರಿಶಿಷ್ಟ ಪಂಗಡ ವರ್ಗದ ಅರ್ಹ ಮೀನುಗಾರರು ಮತ್ತು ಮೀನುಕೃಷಿಕರು ಅರ್ಜಿ ಸಲ್ಲಿಸಬಹುದು. ಸರ್ಕಾರದ ಮಾರ್ಗಸೂಚಿ ಹಾಗೂ ಲಭ್ಯವಾಗುವ ಅನುದಾನದ ಮೇರೆಗೆ ಫಲಾನುಭವಿಗಳನ್ನು ಆಯ್ಕೆ ಮಾಡಲಾಗುವುದು. ಆಸಕ್ತ ಅರ್ಜಿದಾರರು ಮತ್ತು ಮೀನುಕೃಷಿಕರು ಡಿಸೆಂಬರ್ 8 ರೊಳಗಾಗಿ ಗಂಗಾವತಿ ತಾಲ್ಲೂಕಿನ ಮೀನುಗಾರಿಕೆ ಸಹಾಯಕ ನಿರ್ದೇಶಕರ ಕಛೇರಿಗೆ ಯೋಜನೆಯ ನಿಯಮಾನುಸಾರ ಅಗತ್ಯ ದಾಖಲೆಗಳೊಂದಿಗೆ ಅರ್ಜಿ ಸಲ್ಲಿಸಬಹುದು.

ಹೆಚ್ಚಿನ ಮಾಹಿತಿಗಾಗಿ ಮೀನುಗಾರಿಕೆ ಇಲಾಖೆ ಗಂಗಾವತಿ ತಾಲ್ಲೂಕು ಕಛೇರಿಯನ್ನು ಸಂಪರ್ಕಿಸಬಹುದು ಎಂದು ಗಂಗಾವತಿ ಮೀನುಗಾರಿಕೆ ಇಲಾಖೆಯ ಸಹಾಯಕ ನಿರ್ದೇಶಕರು ಪ್ರಕಟಣೆಯಲ್ಲಿ ತಿಳಿಸಿದ್ದಾರೆ.

ಕೊಪ್ಪಳ, ಯಲಬುರ್ಗಾ, ಕುಕನೂರು: ಗ್ರಾಮ ಉತ್ಕರ್ಷ ಅಭಿಯಾನ ಜಾರಿಗಾಗಿ ಆಯ್ದ ಗ್ರಾಮಗಳ ಮೀನುಗಾರರಿಂದ ಅರ್ಜಿ ಆಹ್ವಾನ
ಬದಲಾವಣೆ ಸುದ್ದಿ

ಕೊಪ್ಪಳ: ಕೊಪ್ಪಳ ಮೀನುಗಾರಿಕೆ ಇಲಾಖೆ ವತಿಯಿಂದ 2025-26 ನೇ ಸಾಲಿನ ಪ್ರಧಾನ ಮಂತ್ರಿ ಮತ್ಸ್ಯ ಸಂಪದ ಯೋಜನೆಯಡಿ ಧರ್ತಿ ಆಬಾ ಜನ ಜಾತೀಯ ಗ್ರಾಮ ಉತ್ಕರ್ಷ ಅಭಿಯಾನವನ್ನು ಜಾರಿಗೊಳಿಸುವ ಸಲುವಾಗಿ ಕೊಪ್ಪಳ, ಯಲಬುರ್ಗಾ ಮತ್ತು ಕುಕನೂರು ತಾಲ್ಲೂಕುಗಳ ಆಯ್ದ ಗ್ರಾಮಗಳ ಮೀನುಗಾರರಿಂದ ಅರ್ಜಿ ಆಹ್ವಾನಿಸಲಾಗಿದೆ.

ಪರಿಶಿಷ್ಟ ಪಂಗಡ ವರ್ಗದ ಮೀನುಗಾರರಿಂದ ಮೀನು ಮಾರಾಟಕ್ಕಾಗಿ ಐಸ್ ಬಾಕ್ಸ್ ನೊಂದಿಗೆ ದ್ವಿಚಕ್ರ ವಾಹನ, ಐಸ್ ಬಾಕ್ಸ್ ನೊಂದಿಗೆ ತ್ರಿಚಕ್ರ ವಾಹನ ಮತ್ತು ಜೀವಂತ ಮೀನು ಮಾರಾಟ ಕೇಂದ್ರಗಳನ್ನು ಸ್ಥಾಪಿಸಲು ಸಹಾಯಧನ ನೀಡಲಾಗುತ್ತಿದ್ದು, ಕೊಪ್ಪಳ ತಾಲೂಕಿನ ಹಿರೇಸಿಂದೋಗಿ, ಹಲಗೇರಿ, ಕಿನ್ನಾಳ, ಯಲಬುರ್ಗಾ ತಾಲೂಕಿನ ಸಾಲಭಾವಿ, ಗುನ್ನಾಳ, ಕುಕನೂರು ತಾಲೂಕಿನ ಇಟಗಿ, ಬನ್ನಿಕೊಪ್ಪ ಗ್ರಾಮಗಳನ್ನು ಈ ಯೋಜನೆಯಡಿ ಆಯ್ಕೆ ಮಾಡಲಾಗಿರುತ್ತದೆ.

ಈ ಎಲ್ಲಾ ಗ್ರಾಮಗಳಿಂದ ಮತ್ತು ಬುಡಕಟ್ಟು ಸಮುದಾಯದ ಅಥವಾ ಪರಿಶಿಷ್ಟ ಪಂಗಡ ವರ್ಗದ ಅರ್ಹ ಮೀನುಗಾರರು ಮತ್ತು ಮೀನುಕೃಷಿಕರು ಅರ್ಜಿ ಸಲ್ಲಿಸಬಹುದು. ಸರ್ಕಾರದ ಮಾರ್ಗಸೂಚಿ ಹಾಗೂ ಲಭ್ಯವಾಗುವ ಅನುದಾನದ ಮೇರೆಗೆ ಫಲಾನುಭವಿಗಳನ್ನು ಆಯ್ಕೆ ಮಾಡಲಾಗುವುದು. ಆಸಕ್ತ ಅರ್ಜಿದಾರರು ಮತ್ತು ಮೀನುಕೃಷಿಕರು ಡಿಸೆಂಬರ್ 8 ರೊಳಗಾಗಿ ಕೊಪ್ಪಳ ತಾಲ್ಲೂಕಿನ ಮೀನುಗಾರಿಕೆ ಸಹಾಯಕ ನಿರ್ದೇಶಕರ ಕಛೇರಿಗೆ ಯೋಜನೆಯ ನಿಯಮಾನುಸಾರ ಅಗತ್ಯ ದಾಖಲೆಗಳೊಂದಿಗೆ ಅರ್ಜಿ ಸಲ್ಲಿಸಬಹುದು.

ಹೆಚ್ಚಿನ ಮಾಹಿತಿಗಾಗಿ ಕೊಪ್ಪಳ ತಾಲ್ಲೂಕಿನ ಮೀನುಗಾರಿಕೆ ಸಹಾಯಕ ನಿರ್ದೇಶಕರ ಕಛೇರಿಯನ್ನು ಸಂಪರ್ಕಿಸಬಹುದು ಎಂದು ಕೊಪ್ಪಳ ಮೀನುಗಾರಿಕೆ ಇಲಾಖೆಯ ಸಹಾಯಕ ನಿರ್ದೇಶಕರು ಪ್ರಕಟಣೆಯಲ್ಲಿ ತಿಳಿಸಿದ್ದಾರೆ.

Edited, Printed, Published & Owned by MANJUNATH G.GONDBAL At Vishwa Offeset Printers and Publishers, Taluka Panchayath Complex, Koppal-583231.
Karanataka Phone: 9483468333, 9448300070, email:badalavanedailykoppal@gmail.com
